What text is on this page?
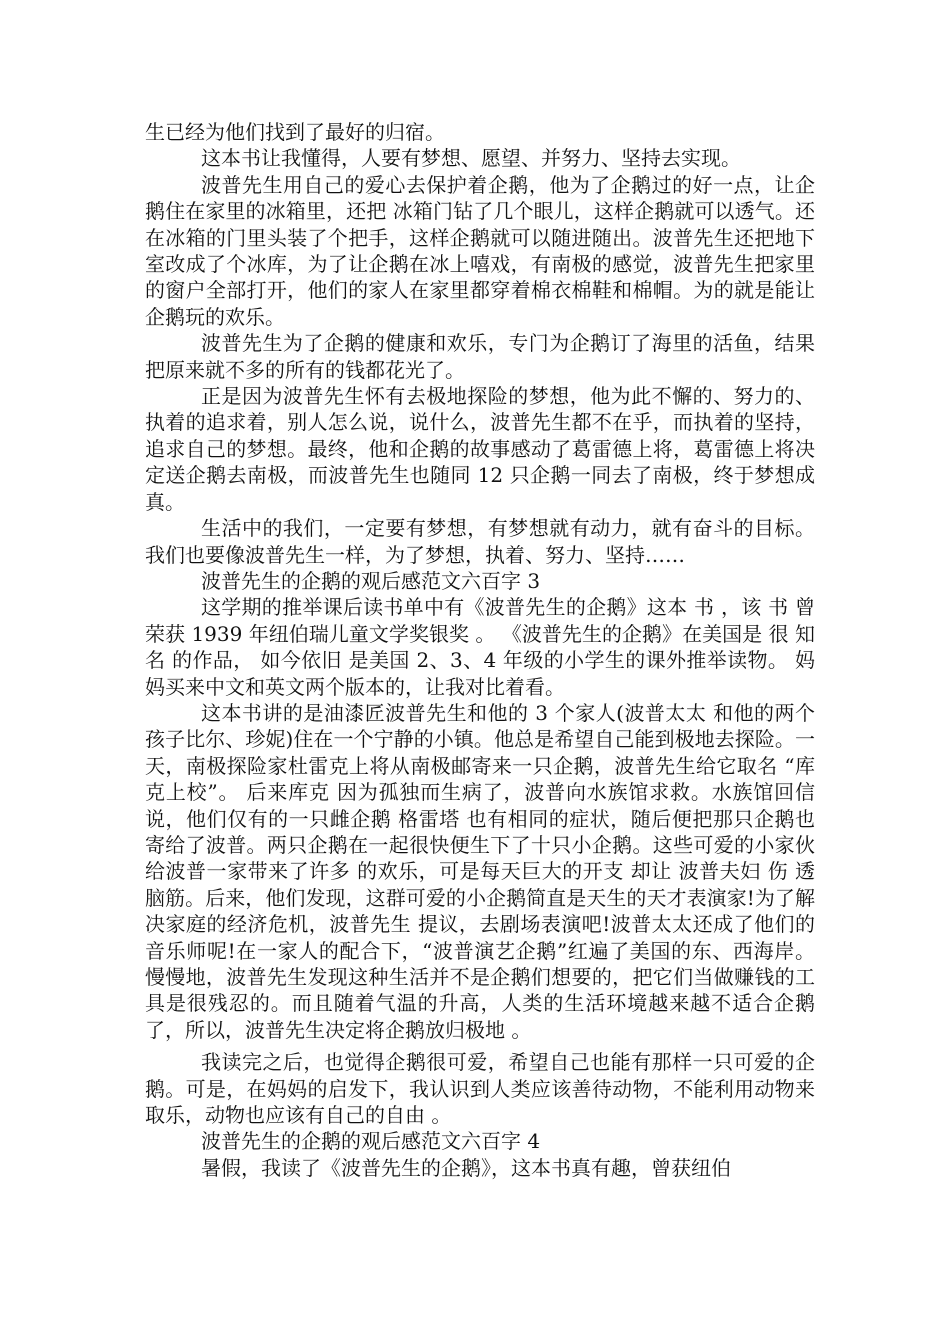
生已经为他们找到了最好的归宿。

这本书让我懂得，人要有梦想、愿望、并努力、坚持去实现。

波普先生用自己的爱心去保护着企鹅，他为了企鹅过的好一点，让企鹅住在家里的冰箱里，还把 冰箱门钻了几个眼儿，这样企鹅就可以透气。还在冰箱的门里头装了个把手，这样企鹅就可以随进随出。波普先生还把地下室改成了个冰库，为了让企鹅在冰上嘻戏，有南极的感觉，波普先生把家里的窗户全部打开，他们的家人在家里都穿着棉衣棉鞋和棉帽。为的就是能让企鹅玩的欢乐。

波普先生为了企鹅的健康和欢乐，专门为企鹅订了海里的活鱼，结果把原来就不多的所有的钱都花光了。

正是因为波普先生怀有去极地探险的梦想，他为此不懈的、努力的、执着的追求着，别人怎么说，说什么，波普先生都不在乎，而执着的坚持，追求自己的梦想。最终，他和企鹅的故事感动了葛雷德上将，葛雷德上将决定送企鹅去南极，而波普先生也随同 12 只企鹅一同去了南极，终于梦想成真。

生活中的我们，一定要有梦想，有梦想就有动力，就有奋斗的目标。我们也要像波普先生一样，为了梦想，执着、努力、坚持……

波普先生的企鹅的观后感范文六百字 3

这学期的推举课后读书单中有《波普先生的企鹅》这本 书 ，该 书 曾 荣获 1939 年纽伯瑞儿童文学奖银奖 。 《波普先生的企鹅》在美国是 很 知名 的作品， 如今依旧 是美国 2、3、4 年级的小学生的课外推举读物。 妈妈买来中文和英文两个版本的，让我对比着看。

这本书讲的是油漆匠波普先生和他的 3 个家人(波普太太 和他的两个孩子比尔、珍妮)住在一个宁静的小镇。他总是希望自己能到极地去探险。一天，南极探险家杜雷克上将从南极邮寄来一只企鹅，波普先生给它取名 “库克上校”。 后来库克 因为孤独而生病了，波普向水族馆求救。水族馆回信说，他们仅有的一只雌企鹅 格雷塔 也有相同的症状，随后便把那只企鹅也寄给了波普。两只企鹅在一起很快便生下了十只小企鹅。这些可爱的小家伙给波普一家带来了许多 的欢乐，可是每天巨大的开支 却让 波普夫妇 伤 透脑筋。后来，他们发现，这群可爱的小企鹅简直是天生的天才表演家!为了解决家庭的经济危机，波普先生 提议，去剧场表演吧!波普太太还成了他们的音乐师呢!在一家人的配合下，“波普演艺企鹅”红遍了美国的东、西海岸。 慢慢地，波普先生发现这种生活并不是企鹅们想要的，把它们当做赚钱的工具是很残忍的。而且随着气温的升高，人类的生活环境越来越不适合企鹅了，所以，波普先生决定将企鹅放归极地 。

我读完之后，也觉得企鹅很可爱，希望自己也能有那样一只可爱的企鹅。可是，在妈妈的启发下，我认识到人类应该善待动物，不能利用动物来取乐，动物也应该有自己的自由 。

波普先生的企鹅的观后感范文六百字 4

暑假，我读了《波普先生的企鹅》，这本书真有趣，曾获纽伯
